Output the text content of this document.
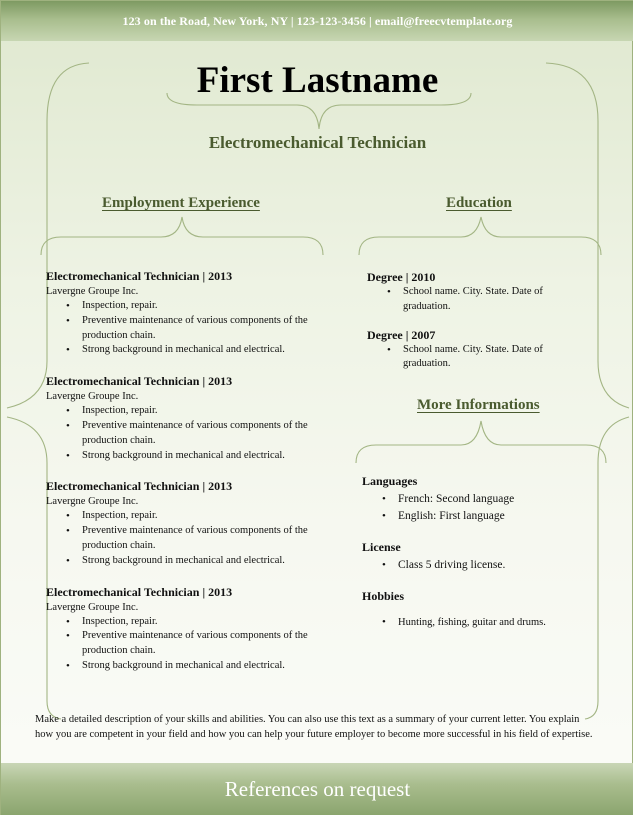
123 on the Road, New York, NY | 123-123-3456 | email@freecvtemplate.org
First Lastname
Electromechanical Technician
Employment Experience	Education
More Informations
Electromechanical Technician | 2013
Lavergne Groupe Inc.
• Inspection, repair.
• Preventive maintenance of various components of the production chain.
• Strong background in mechanical and electrical.
Electromechanical Technician | 2013
Lavergne Groupe Inc.
• Inspection, repair.
• Preventive maintenance of various components of the production chain.
• Strong background in mechanical and electrical.
Electromechanical Technician | 2013
Lavergne Groupe Inc.
• Inspection, repair.
• Preventive maintenance of various components of the production chain.
• Strong background in mechanical and electrical.
Electromechanical Technician | 2013
Lavergne Groupe Inc.
• Inspection, repair.
• Preventive maintenance of various components of the production chain.
• Strong background in mechanical and electrical.
Degree | 2010
• School name. City. State. Date of graduation.
Degree | 2007
• School name. City. State. Date of graduation.
Languages
• French: Second language
• English: First language
License
• Class 5 driving license.
Hobbies
• Hunting, fishing, guitar and drums.
Make a detailed description of your skills and abilities. You can also use this text as a summary of your current letter. You explain how you are competent in your field and how you can help your future employer to become more successful in his field of expertise.
References on request
